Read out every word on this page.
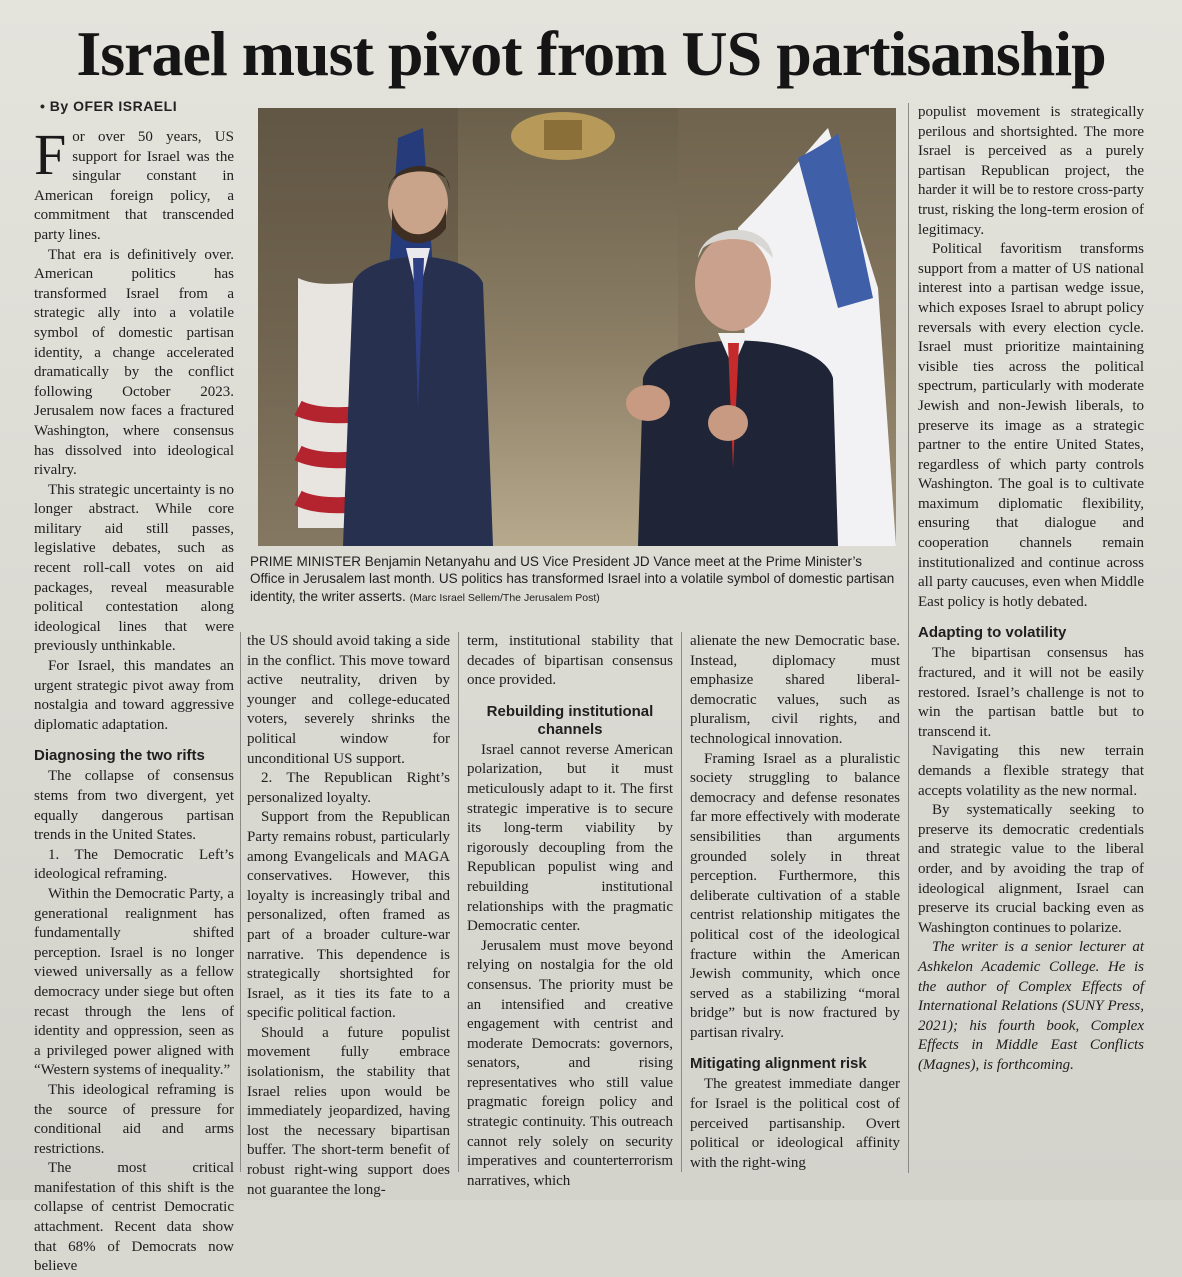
Israel must pivot from US partisanship
• By OFER ISRAELI

For over 50 years, US support for Israel was the singular constant in American foreign policy, a commitment that transcended party lines.

That era is definitively over. American politics has transformed Israel from a strategic ally into a volatile symbol of domestic partisan identity, a change accelerated dramatically by the conflict following October 2023. Jerusalem now faces a fractured Washington, where consensus has dissolved into ideological rivalry.

This strategic uncertainty is no longer abstract. While core military aid still passes, legislative debates, such as recent roll-call votes on aid packages, reveal measurable political contestation along ideological lines that were previously unthinkable.

For Israel, this mandates an urgent strategic pivot away from nostalgia and toward aggressive diplomatic adaptation.

Diagnosing the two rifts

The collapse of consensus stems from two divergent, yet equally dangerous partisan trends in the United States.

1. The Democratic Left’s ideological reframing.

Within the Democratic Party, a generational realignment has fundamentally shifted perception. Israel is no longer viewed universally as a fellow democracy under siege but often recast through the lens of identity and oppression, seen as a privileged power aligned with “Western systems of inequality.”

This ideological reframing is the source of pressure for conditional aid and arms restrictions.

The most critical manifestation of this shift is the collapse of centrist Democratic attachment. Recent data show that 68% of Democrats now believe

PRIME MINISTER Benjamin Netanyahu and US Vice President JD Vance meet at the Prime Minister’s Office in Jerusalem last month. US politics has transformed Israel into a volatile symbol of domestic partisan identity, the writer asserts. (Marc Israel Sellem/The Jerusalem Post)

the US should avoid taking a side in the conflict. This move toward active neutrality, driven by younger and college-educated voters, severely shrinks the political window for unconditional US support.

2. The Republican Right’s personalized loyalty.

Support from the Republican Party remains robust, particularly among Evangelicals and MAGA conservatives. However, this loyalty is increasingly tribal and personalized, often framed as part of a broader culture-war narrative. This dependence is strategically shortsighted for Israel, as it ties its fate to a specific political faction.

Should a future populist movement fully embrace isolationism, the stability that Israel relies upon would be immediately jeopardized, having lost the necessary bipartisan buffer. The short-term benefit of robust right-wing support does not guarantee the long-

term, institutional stability that decades of bipartisan consensus once provided.

Rebuilding institutional channels

Israel cannot reverse American polarization, but it must meticulously adapt to it. The first strategic imperative is to secure its long-term viability by rigorously decoupling from the Republican populist wing and rebuilding institutional relationships with the pragmatic Democratic center.

Jerusalem must move beyond relying on nostalgia for the old consensus. The priority must be an intensified and creative engagement with centrist and moderate Democrats: governors, senators, and rising representatives who still value pragmatic foreign policy and strategic continuity. This outreach cannot rely solely on security imperatives and counterterrorism narratives, which

alienate the new Democratic base. Instead, diplomacy must emphasize shared liberal-democratic values, such as pluralism, civil rights, and technological innovation.

Framing Israel as a pluralistic society struggling to balance democracy and defense resonates far more effectively with moderate sensibilities than arguments grounded solely in threat perception. Furthermore, this deliberate cultivation of a stable centrist relationship mitigates the political cost of the ideological fracture within the American Jewish community, which once served as a stabilizing “moral bridge” but is now fractured by partisan rivalry.

Mitigating alignment risk

The greatest immediate danger for Israel is the political cost of perceived partisanship. Overt political or ideological affinity with the right-wing

populist movement is strategically perilous and shortsighted. The more Israel is perceived as a purely partisan Republican project, the harder it will be to restore cross-party trust, risking the long-term erosion of legitimacy.

Political favoritism transforms support from a matter of US national interest into a partisan wedge issue, which exposes Israel to abrupt policy reversals with every election cycle. Israel must prioritize maintaining visible ties across the political spectrum, particularly with moderate Jewish and non-Jewish liberals, to preserve its image as a strategic partner to the entire United States, regardless of which party controls Washington. The goal is to cultivate maximum diplomatic flexibility, ensuring that dialogue and cooperation channels remain institutionalized and continue across all party caucuses, even when Middle East policy is hotly debated.

Adapting to volatility

The bipartisan consensus has fractured, and it will not be easily restored. Israel’s challenge is not to win the partisan battle but to transcend it.

Navigating this new terrain demands a flexible strategy that accepts volatility as the new normal.

By systematically seeking to preserve its democratic credentials and strategic value to the liberal order, and by avoiding the trap of ideological alignment, Israel can preserve its crucial backing even as Washington continues to polarize.

The writer is a senior lecturer at Ashkelon Academic College. He is the author of Complex Effects of International Relations (SUNY Press, 2021); his fourth book, Complex Effects in Middle East Conflicts (Magnes), is forthcoming.
